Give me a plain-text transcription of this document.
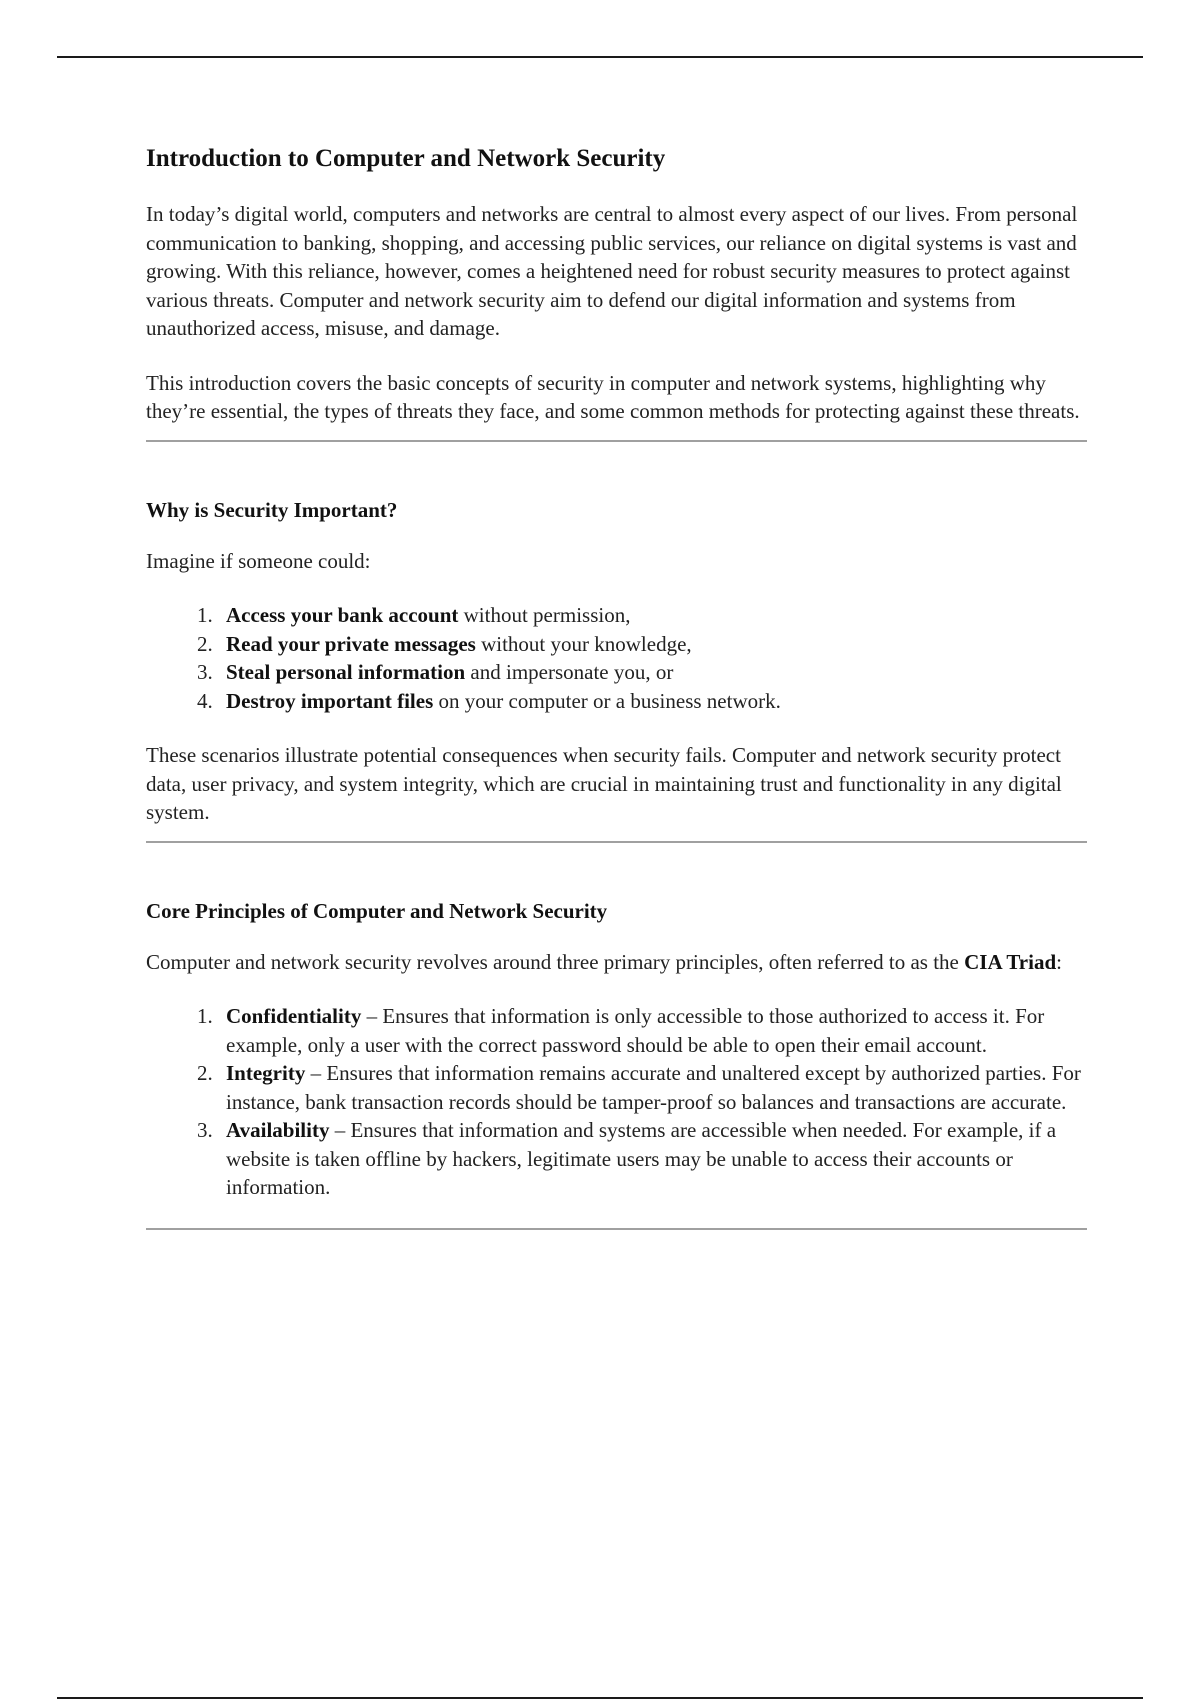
Introduction to Computer and Network Security

In today’s digital world, computers and networks are central to almost every aspect of our lives. From personal communication to banking, shopping, and accessing public services, our reliance on digital systems is vast and growing. With this reliance, however, comes a heightened need for robust security measures to protect against various threats. Computer and network security aim to defend our digital information and systems from unauthorized access, misuse, and damage.

This introduction covers the basic concepts of security in computer and network systems, highlighting why they’re essential, the types of threats they face, and some common methods for protecting against these threats.

Why is Security Important?

Imagine if someone could:

1. Access your bank account without permission,
2. Read your private messages without your knowledge,
3. Steal personal information and impersonate you, or
4. Destroy important files on your computer or a business network.

These scenarios illustrate potential consequences when security fails. Computer and network security protect data, user privacy, and system integrity, which are crucial in maintaining trust and functionality in any digital system.

Core Principles of Computer and Network Security

Computer and network security revolves around three primary principles, often referred to as the CIA Triad:

1. Confidentiality – Ensures that information is only accessible to those authorized to access it. For example, only a user with the correct password should be able to open their email account.
2. Integrity – Ensures that information remains accurate and unaltered except by authorized parties. For instance, bank transaction records should be tamper-proof so balances and transactions are accurate.
3. Availability – Ensures that information and systems are accessible when needed. For example, if a website is taken offline by hackers, legitimate users may be unable to access their accounts or information.
